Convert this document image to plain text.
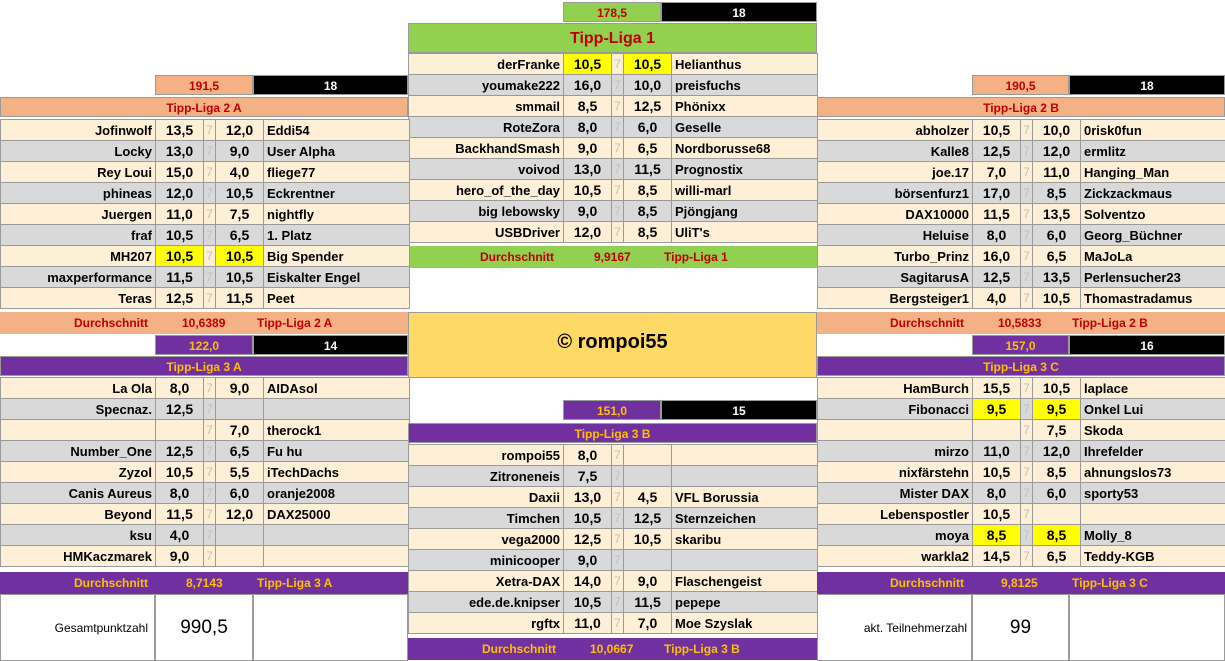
178,5	18
Tipp-Liga 1
derFranke	10,5	7	10,5	Helianthus
youmake222	16,0	7	10,0	preisfuchs
smmail	8,5	7	12,5	Phönixx
RoteZora	8,0	7	6,0	Geselle
BackhandSmash	9,0	7	6,5	Nordborusse68
voivod	13,0	7	11,5	Prognostix
hero_of_the_day	10,5	7	8,5	willi-marl
big lebowsky	9,0	7	8,5	Pjöngjang
USBDriver	12,0	7	8,5	UliT's
Durchschnitt	9,9167	Tipp-Liga 1
191,5	18
Tipp-Liga 2 A
Jofinwolf	13,5	7	12,0	Eddi54
Locky	13,0	7	9,0	User Alpha
Rey Loui	15,0	7	4,0	fliege77
phineas	12,0	7	10,5	Eckrentner
Juergen	11,0	7	7,5	nightfly
fraf	10,5	7	6,5	1. Platz
MH207	10,5	7	10,5	Big Spender
maxperformance	11,5	7	10,5	Eiskalter Engel
Teras	12,5	7	11,5	Peet
Durchschnitt	10,6389	Tipp-Liga 2 A
190,5	18
Tipp-Liga 2 B
abholzer	10,5	7	10,0	0risk0fun
Kalle8	12,5	7	12,0	ermlitz
joe.17	7,0	7	11,0	Hanging_Man
börsenfurz1	17,0	7	8,5	Zickzackmaus
DAX10000	11,5	7	13,5	Solventzo
Heluise	8,0	7	6,0	Georg_Büchner
Turbo_Prinz	16,0	7	6,5	MaJoLa
SagitarusA	12,5	7	13,5	Perlensucher23
Bergsteiger1	4,0	7	10,5	Thomastradamus
Durchschnitt	10,5833	Tipp-Liga 2 B
© rompoi55
122,0	14
Tipp-Liga 3 A
La Ola	8,0	7	9,0	AIDAsol
Specnaz.	12,5	7		
		7	7,0	therock1
Number_One	12,5	7	6,5	Fu hu
Zyzol	10,5	7	5,5	iTechDachs
Canis Aureus	8,0	7	6,0	oranje2008
Beyond	11,5	7	12,0	DAX25000
ksu	4,0	7		
HMKaczmarek	9,0	7		
Durchschnitt	8,7143	Tipp-Liga 3 A
151,0	15
Tipp-Liga 3 B
rompoi55	8,0	7		
Zitroneneis	7,5	7		
Daxii	13,0	7	4,5	VFL Borussia
Timchen	10,5	7	12,5	Sternzeichen
vega2000	12,5	7	10,5	skaribu
minicooper	9,0	7		
Xetra-DAX	14,0	7	9,0	Flaschengeist
ede.de.knipser	10,5	7	11,5	pepepe
rgftx	11,0	7	7,0	Moe Szyslak
Durchschnitt	10,0667	Tipp-Liga 3 B
157,0	16
Tipp-Liga 3 C
HamBurch	15,5	7	10,5	laplace
Fibonacci	9,5	7	9,5	Onkel Lui
		7	7,5	Skoda
mirzo	11,0	7	12,0	Ihrefelder
nixfärstehn	10,5	7	8,5	ahnungslos73
Mister DAX	8,0	7	6,0	sporty53
Lebenspostler	10,5	7		
moya	8,5	7	8,5	Molly_8
warkla2	14,5	7	6,5	Teddy-KGB
Durchschnitt	9,8125	Tipp-Liga 3 C
Gesamtpunktzahl	990,5	akt. Teilnehmerzahl	99
